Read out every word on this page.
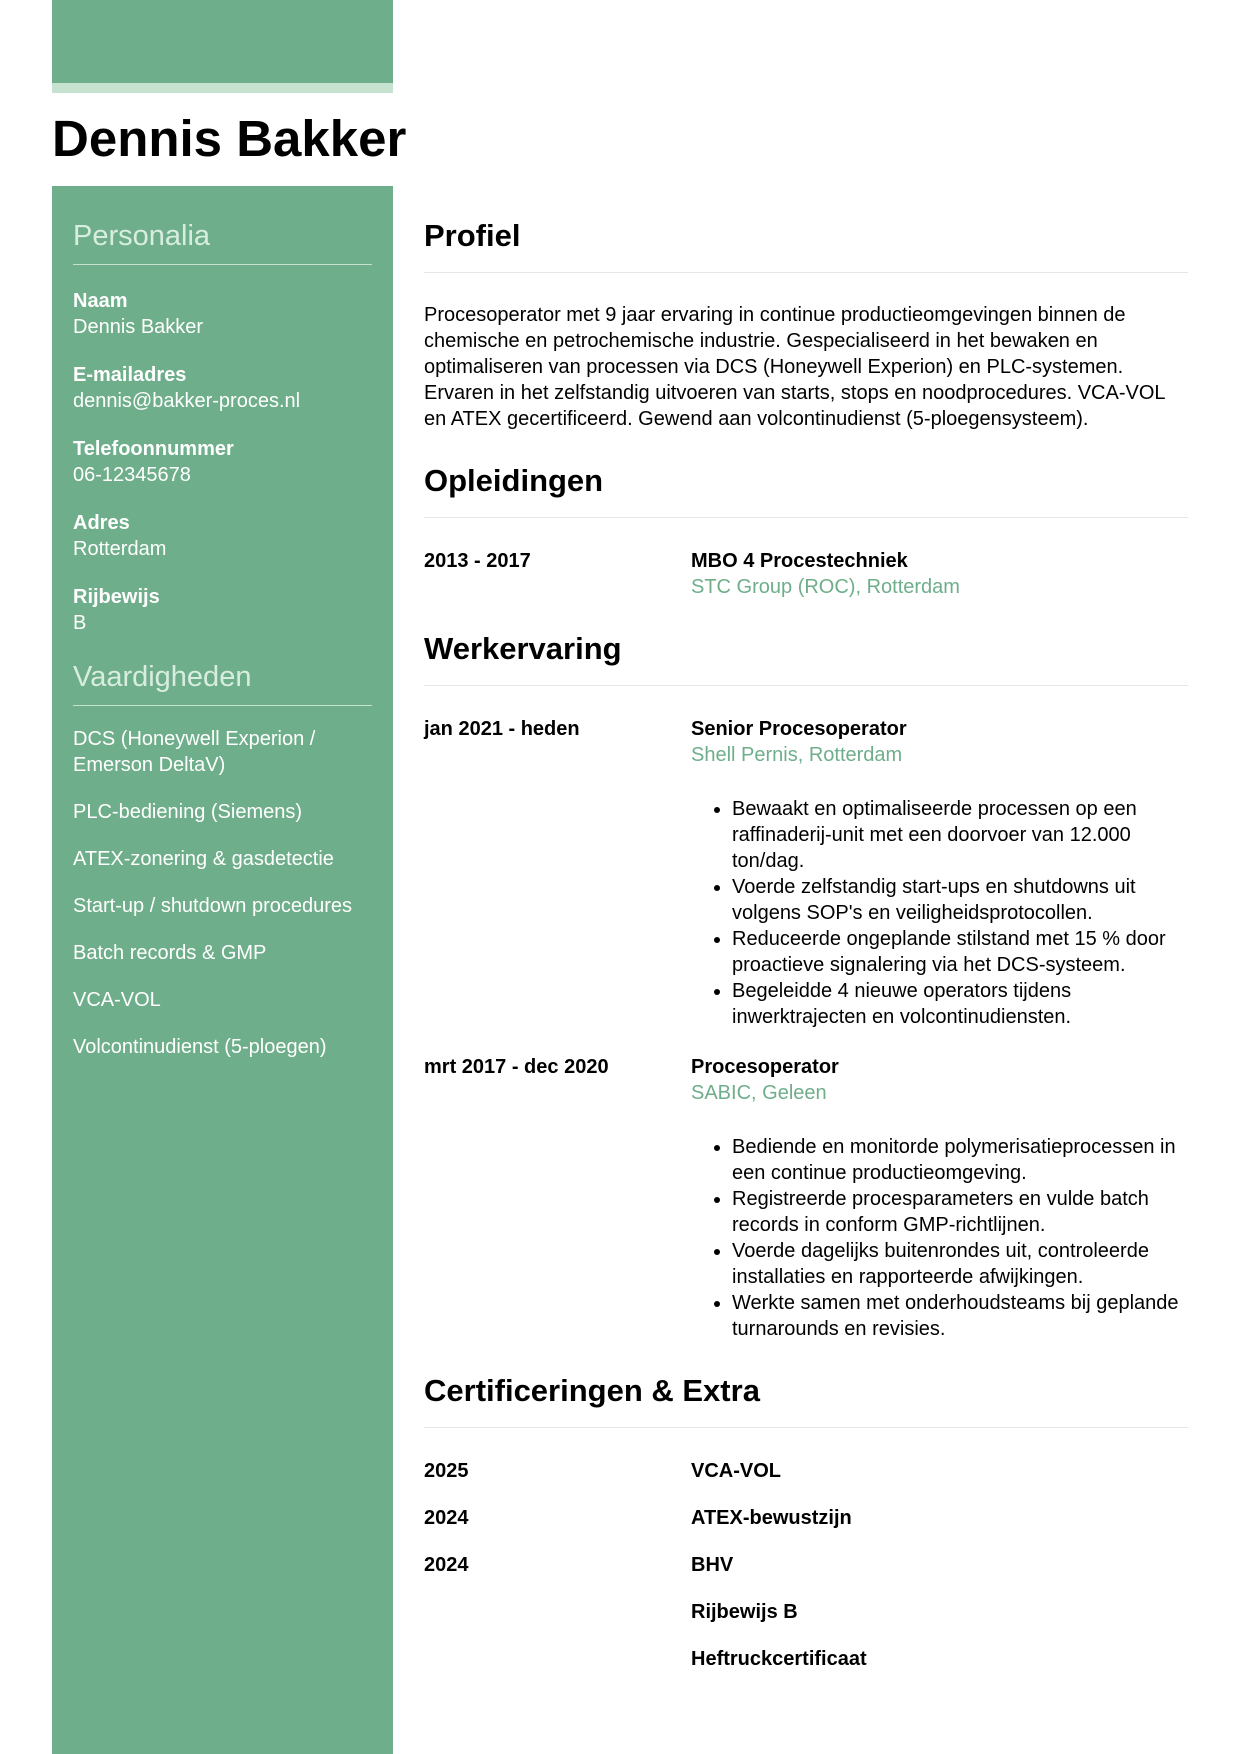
Dennis Bakker
Personalia
Naam
Dennis Bakker
E-mailadres
dennis@bakker-proces.nl
Telefoonnummer
06-12345678
Adres
Rotterdam
Rijbewijs
B
Vaardigheden
DCS (Honeywell Experion / Emerson DeltaV)
PLC-bediening (Siemens)
ATEX-zonering & gasdetectie
Start-up / shutdown procedures
Batch records & GMP
VCA-VOL
Volcontinudienst (5-ploegen)
Profiel

Procesoperator met 9 jaar ervaring in continue productieomgevingen binnen de chemische en petrochemische industrie. Gespecialiseerd in het bewaken en optimaliseren van processen via DCS (Honeywell Experion) en PLC-systemen. Ervaren in het zelfstandig uitvoeren van starts, stops en noodprocedures. VCA-VOL en ATEX gecertificeerd. Gewend aan volcontinudienst (5-ploegensysteem).

Opleidingen
2013 - 2017	MBO 4 Procestechniek
STC Group (ROC), Rotterdam
Werkervaring
jan 2021 - heden	Senior Procesoperator
Shell Pernis, Rotterdam
• Bewaakt en optimaliseerde processen op een raffinaderij-unit met een doorvoer van 12.000 ton/dag.
• Voerde zelfstandig start-ups en shutdowns uit volgens SOP's en veiligheidsprotocollen.
• Reduceerde ongeplande stilstand met 15 % door proactieve signalering via het DCS-systeem.
• Begeleidde 4 nieuwe operators tijdens inwerktrajecten en volcontinudiensten.
mrt 2017 - dec 2020	Procesoperator
SABIC, Geleen
• Bediende en monitorde polymerisatieprocessen in een continue productieomgeving.
• Registreerde procesparameters en vulde batch records in conform GMP-richtlijnen.
• Voerde dagelijks buitenrondes uit, controleerde installaties en rapporteerde afwijkingen.
• Werkte samen met onderhoudsteams bij geplande turnarounds en revisies.
Certificeringen & Extra
2025	VCA-VOL
2024	ATEX-bewustzijn
2024	BHV
Rijbewijs B
Heftruckcertificaat
